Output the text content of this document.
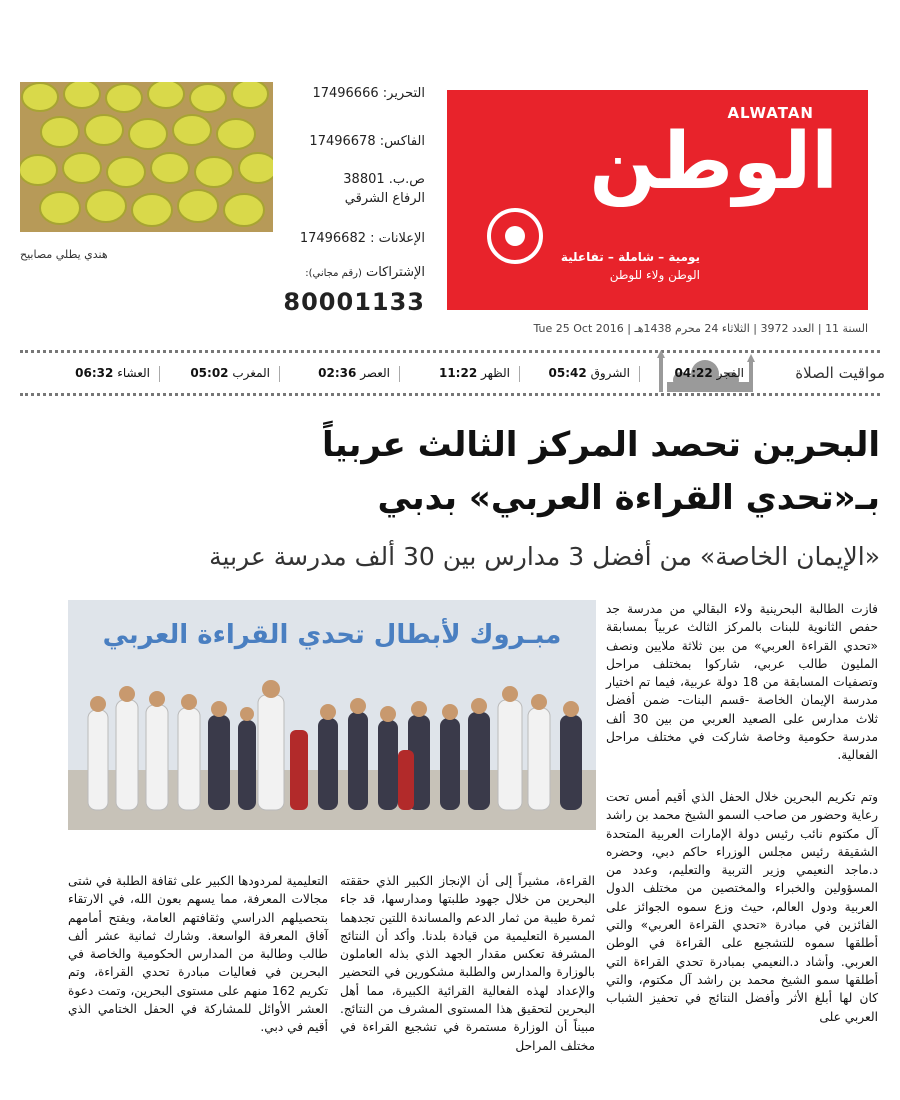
هندي يطلي مصابيح
التحرير: 17496666
الفاكس: 17496678
ص.ب. 38801
الرفاع الشرقي
الإعلانات : 17496682
الإشتراكات (رقم مجاني):
80001133
ALWATAN
الوطن
يومية – شاملة – تفاعلية
الوطن ولاء للوطن
السنة 11 | العدد 3972 | الثلاثاء 24 محرم 1438هـ | Tue 25 Oct 2016
مواقيت الصلاة
الفجر 04:22
الشروق 05:42
الظهر 11:22
العصر 02:36
المغرب 05:02
العشاء 06:32
البحرين تحصد المركز الثالث عربياً
بـ«تحدي القراءة العربي» بدبي
«الإيمان الخاصة» من أفضل 3 مدارس بين 30 ألف مدرسة عربية
مبـروك لأبطال تحدي القراءة العربي

فازت الطالبة البحرينية ولاء البقالي من مدرسة جد حفص الثانوية للبنات بالمركز الثالث عربياً بمسابقة «تحدي القراءة العربي» من بين ثلاثة ملايين ونصف المليون طالب عربي، شاركوا بمختلف مراحل وتصفيات المسابقة من 18 دولة عربية، فيما تم اختيار مدرسة الإيمان الخاصة -قسم البنات- ضمن أفضل ثلاث مدارس على الصعيد العربي من بين 30 ألف مدرسة حكومية وخاصة شاركت في مختلف مراحل الفعالية.

وتم تكريم البحرين خلال الحفل الذي أقيم أمس تحت رعاية وحضور من صاحب السمو الشيخ محمد بن راشد آل مكتوم نائب رئيس دولة الإمارات العربية المتحدة الشقيقة رئيس مجلس الوزراء حاكم دبي، وحضره د.ماجد النعيمي وزير التربية والتعليم، وعدد من المسؤولين والخبراء والمختصين من مختلف الدول العربية ودول العالم، حيث وزع سموه الجوائز على الفائزين في مبادرة «تحدي القراءة العربي» والتي أطلقها سموه للتشجيع على القراءة في الوطن العربي. وأشاد د.النعيمي بمبادرة تحدي القراءة التي أطلقها سمو الشيخ محمد بن راشد آل مكتوم، والتي كان لها أبلغ الأثر وأفضل النتائج في تحفيز الشباب العربي على

القراءة، مشيراً إلى أن الإنجاز الكبير الذي حققته البحرين من خلال جهود طلبتها ومدارسها، قد جاء ثمرة طيبة من ثمار الدعم والمساندة اللتين تجدهما المسيرة التعليمية من قيادة بلدنا. وأكد أن النتائج المشرفة تعكس مقدار الجهد الذي بذله العاملون بالوزارة والمدارس والطلبة مشكورين في التحضير والإعداد لهذه الفعالية القرائية الكبيرة، مما أهل البحرين لتحقيق هذا المستوى المشرف من النتائج. مبيناً أن الوزارة مستمرة في تشجيع القراءة في مختلف المراحل

التعليمية لمردودها الكبير على ثقافة الطلبة في شتى مجالات المعرفة، مما يسهم بعون الله، في الارتقاء بتحصيلهم الدراسي وثقافتهم العامة، ويفتح أمامهم آفاق المعرفة الواسعة. وشارك ثمانية عشر ألف طالب وطالبة من المدارس الحكومية والخاصة في البحرين في فعاليات مبادرة تحدي القراءة، وتم تكريم 162 منهم على مستوى البحرين، وتمت دعوة العشر الأوائل للمشاركة في الحفل الختامي الذي أقيم في دبي.
